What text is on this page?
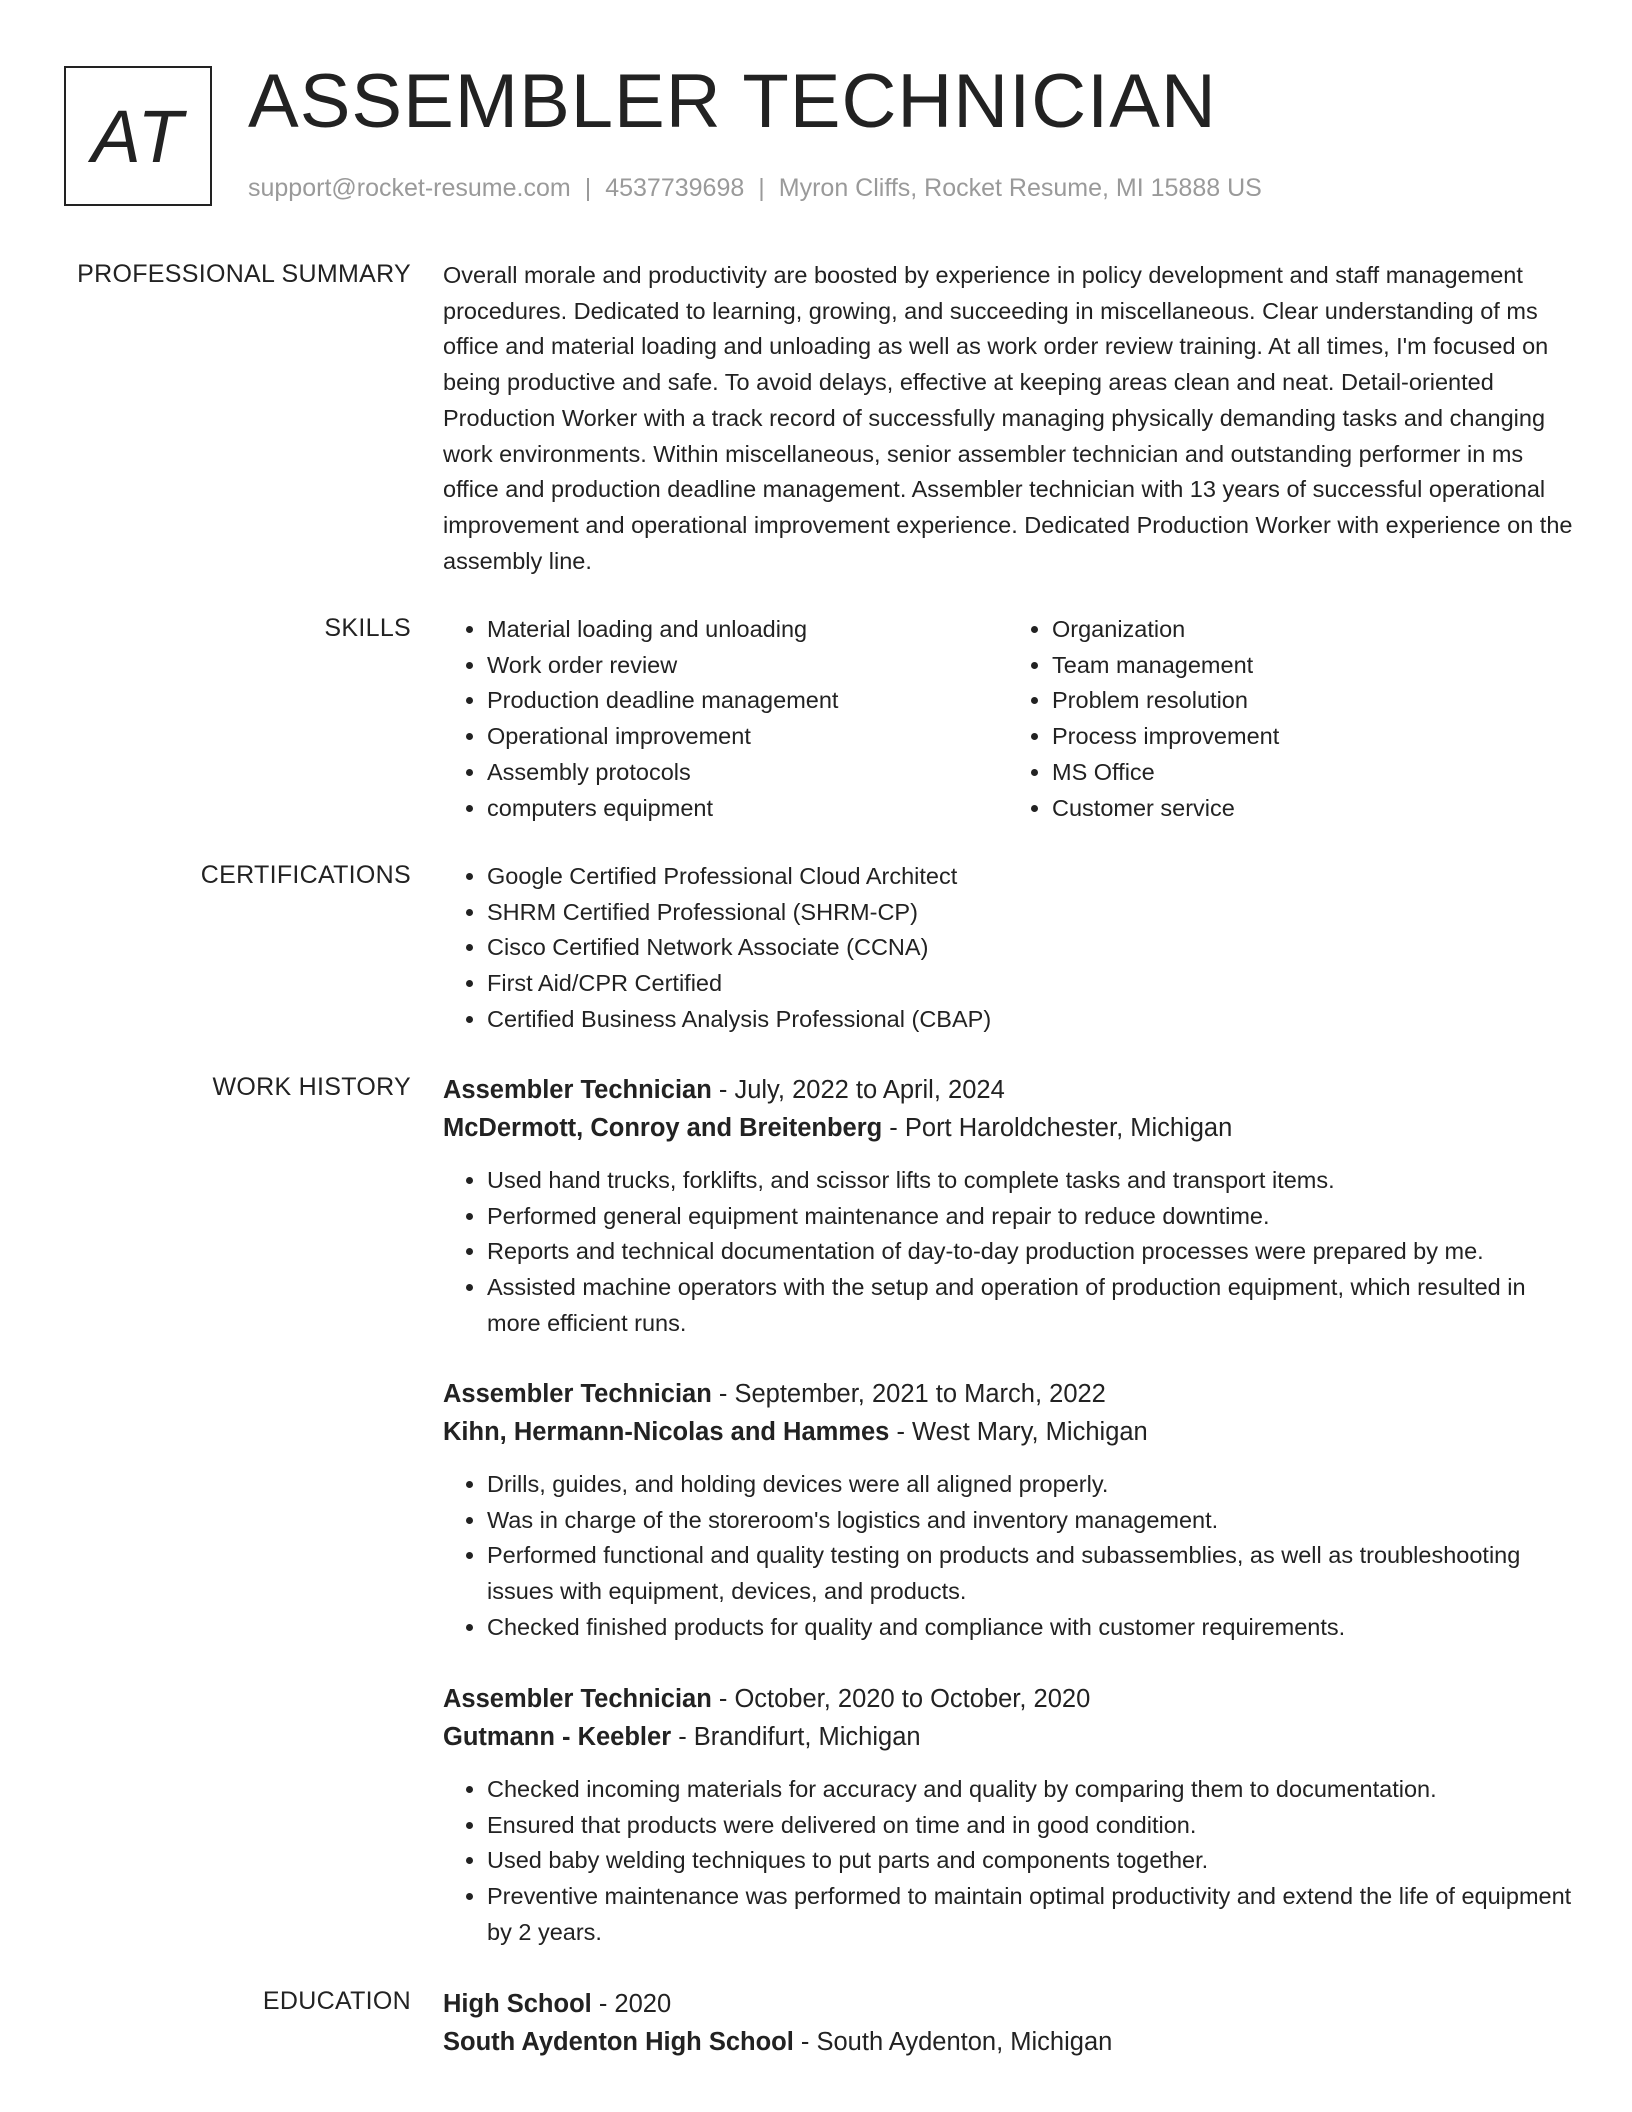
AT ASSEMBLER TECHNICIAN
support@rocket-resume.com | 4537739698 | Myron Cliffs, Rocket Resume, MI 15888 US
PROFESSIONAL SUMMARY Overall morale and productivity are boosted by experience in policy development and staff management procedures. Dedicated to learning, growing, and succeeding in miscellaneous. Clear understanding of ms office and material loading and unloading as well as work order review training. At all times, I'm focused on being productive and safe. To avoid delays, effective at keeping areas clean and neat. Detail-oriented Production Worker with a track record of successfully managing physically demanding tasks and changing work environments. Within miscellaneous, senior assembler technician and outstanding performer in ms office and production deadline management. Assembler technician with 13 years of successful operational improvement and operational improvement experience. Dedicated Production Worker with experience on the assembly line.

SKILLS	• Material loading and unloading
• Work order review
• Production deadline management
• Operational improvement
• Assembly protocols
• computers equipment
• Organization
• Team management
• Problem resolution
• Process improvement
• MS Office
• Customer service
CERTIFICATIONS	• Google Certified Professional Cloud Architect
• SHRM Certified Professional (SHRM-CP)
• Cisco Certified Network Associate (CCNA)
• First Aid/CPR Certified
• Certified Business Analysis Professional (CBAP)
WORK HISTORY Assembler Technician - July, 2022 to April, 2024
McDermott, Conroy and Breitenberg - Port Haroldchester, Michigan
• Used hand trucks, forklifts, and scissor lifts to complete tasks and transport items.
• Performed general equipment maintenance and repair to reduce downtime.
• Reports and technical documentation of day-to-day production processes were prepared by me.
• Assisted machine operators with the setup and operation of production equipment, which resulted in more efficient runs.
Assembler Technician - September, 2021 to March, 2022
Kihn, Hermann-Nicolas and Hammes - West Mary, Michigan
• Drills, guides, and holding devices were all aligned properly.
• Was in charge of the storeroom's logistics and inventory management.
• Performed functional and quality testing on products and subassemblies, as well as troubleshooting issues with equipment, devices, and products.
• Checked finished products for quality and compliance with customer requirements.
Assembler Technician - October, 2020 to October, 2020
Gutmann - Keebler - Brandifurt, Michigan
• Checked incoming materials for accuracy and quality by comparing them to documentation.
• Ensured that products were delivered on time and in good condition.
• Used baby welding techniques to put parts and components together.
• Preventive maintenance was performed to maintain optimal productivity and extend the life of equipment by 2 years.
EDUCATION High School - 2020
South Aydenton High School - South Aydenton, Michigan
